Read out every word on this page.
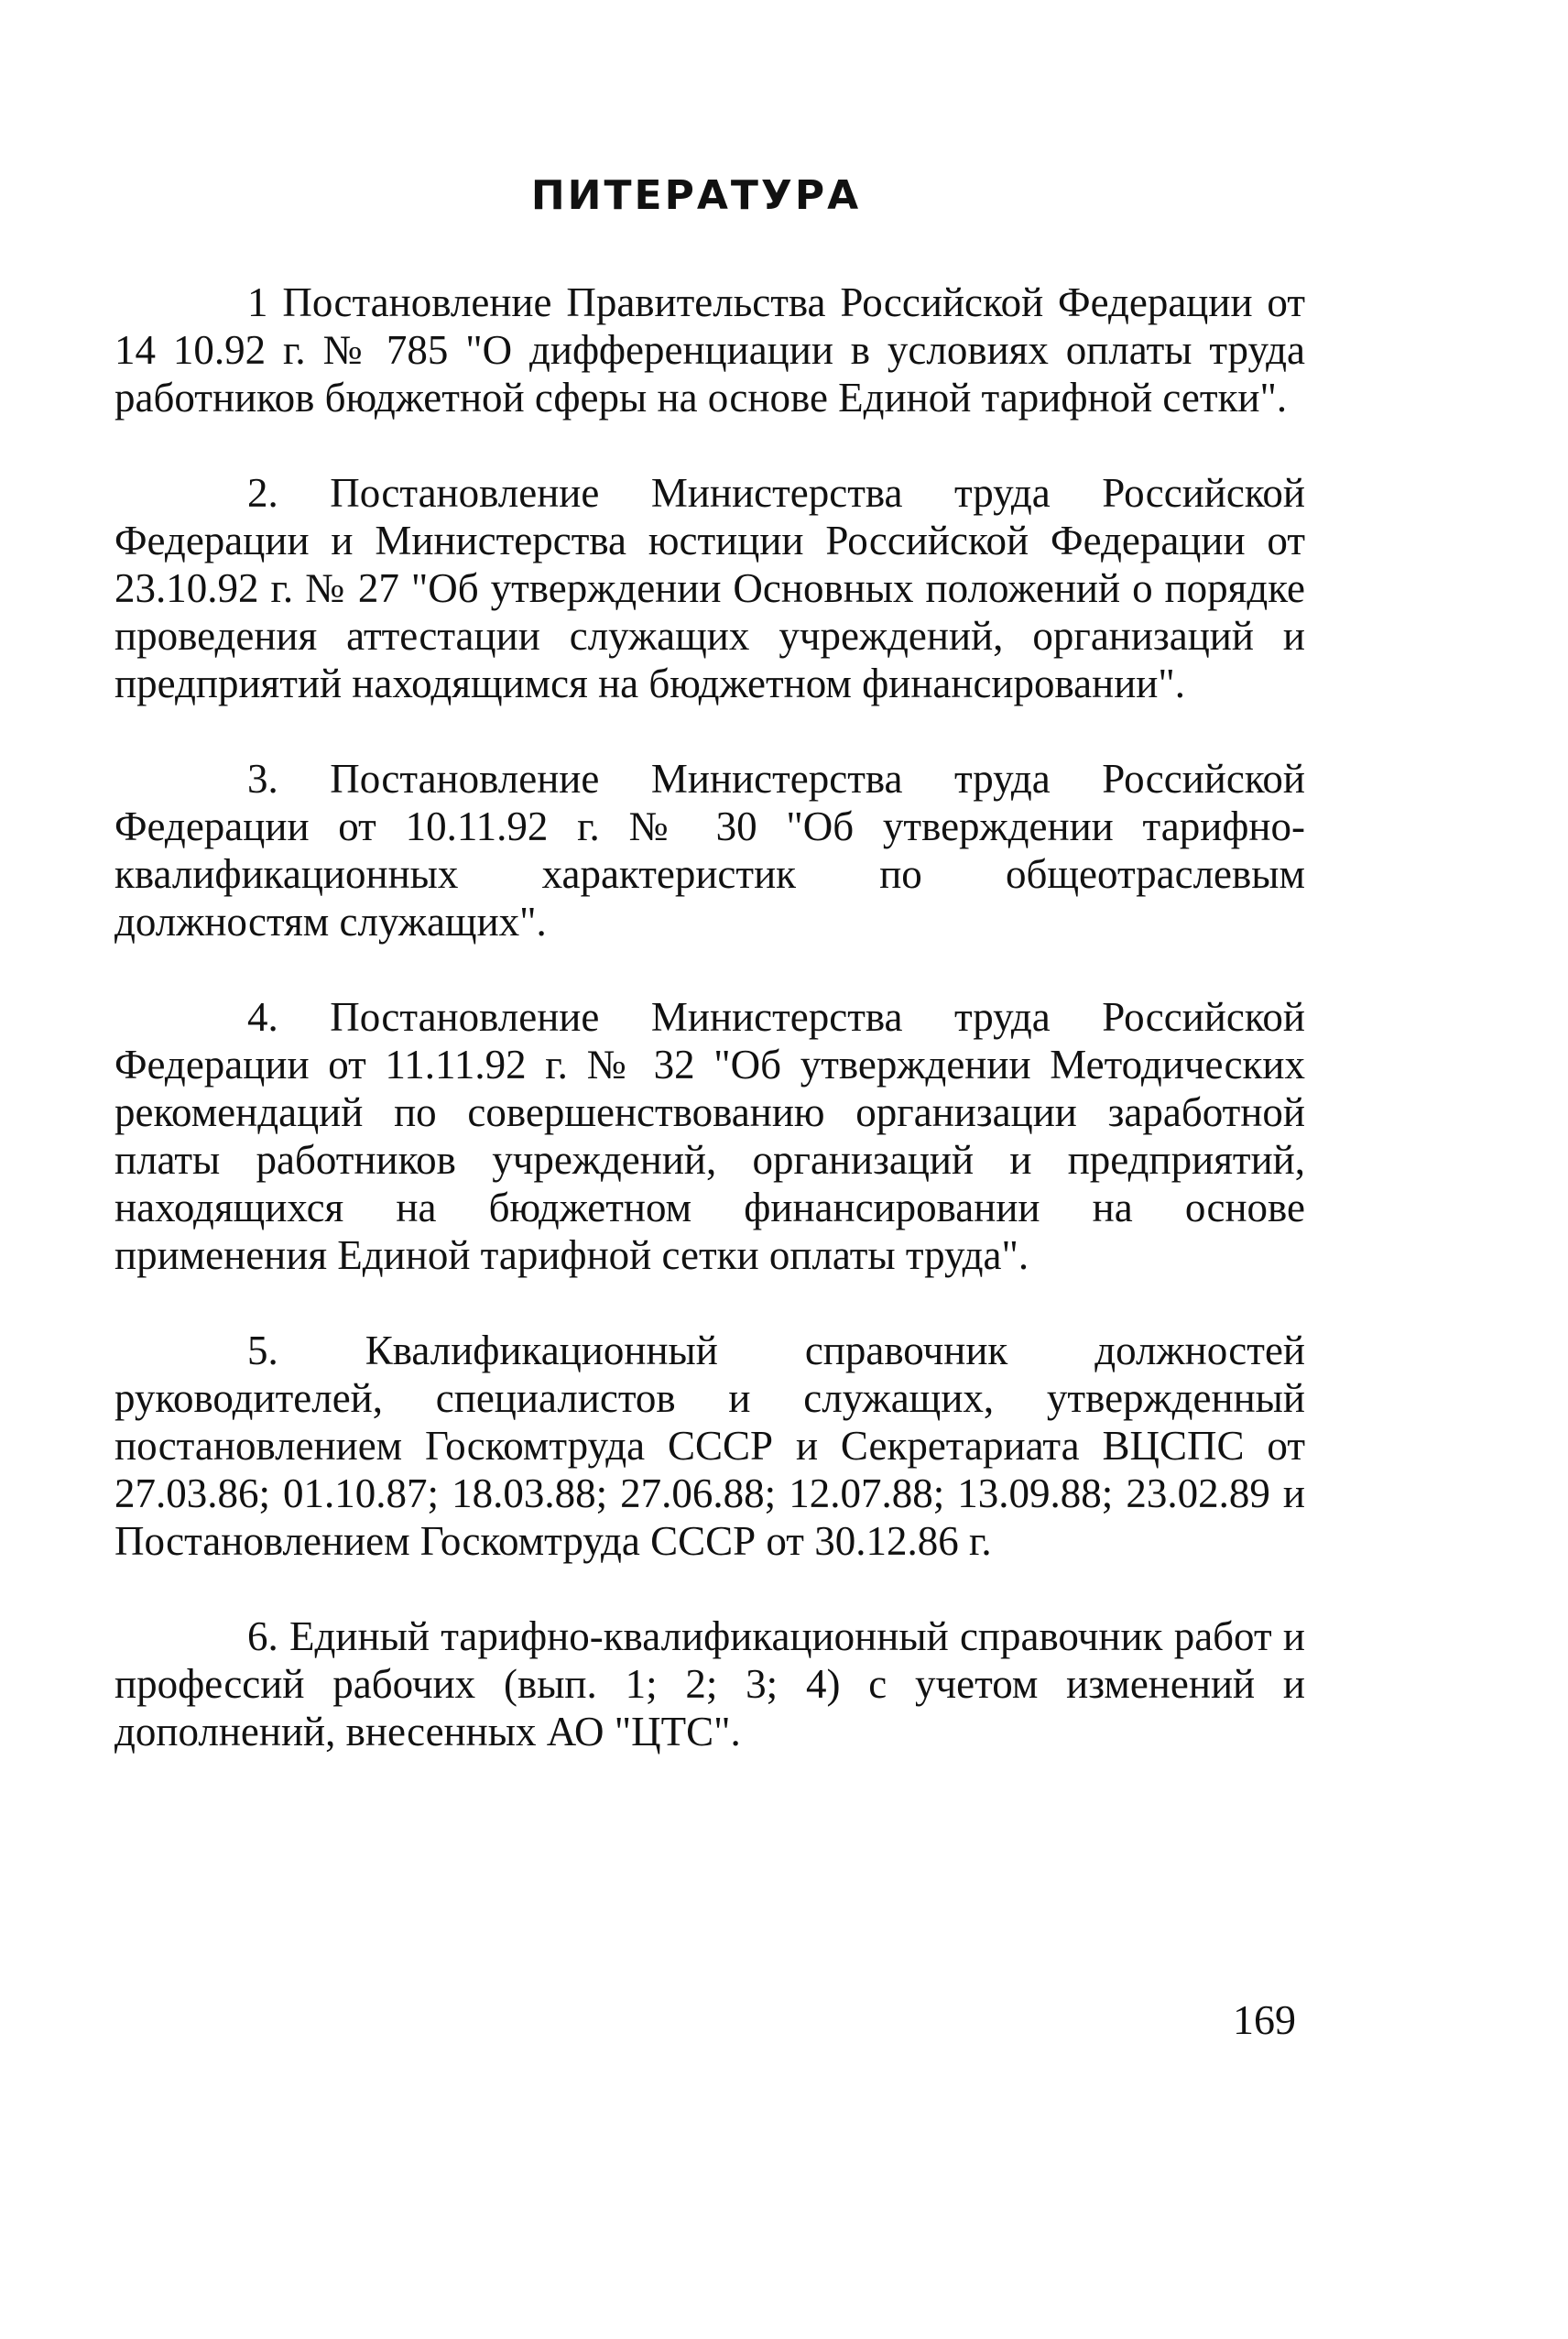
ПИТЕРАТУРА
1 Постановление Правительства Российской Федерации от 14 10.92 г. № 785 "О дифференциации в условиях оплаты труда работников бюджетной сферы на основе Единой тарифной сетки".
2. Постановление Министерства труда Российской Федерации и Министерства юстиции Российской Федерации от 23.10.92 г. № 27 "Об утверждении Основных положений о порядке проведения аттестации служащих учреждений, организаций и предприятий находящимся на бюджетном финансировании".
3. Постановление Министерства труда Российской Федерации от 10.11.92 г. № 30 "Об утверждении тарифно-квалификационных характеристик по общеотраслевым должностям служащих".
4. Постановление Министерства труда Российской Федерации от 11.11.92 г. № 32 "Об утверждении Методических рекомендаций по совершенствованию организации заработной платы работников учреждений, организаций и предприятий, находящихся на бюджетном финансировании на основе применения Единой тарифной сетки оплаты труда".
5. Квалификационный справочник должностей руководителей, специалистов и служащих, утвержденный постановлением Госкомтруда СССР и Секретариата ВЦСПС от 27.03.86; 01.10.87; 18.03.88; 27.06.88; 12.07.88; 13.09.88; 23.02.89 и Постановлением Госкомтруда СССР от 30.12.86 г.
6. Единый тарифно-квалификационный справочник работ и профессий рабочих (вып. 1; 2; 3; 4) с учетом изменений и дополнений, внесенных АО "ЦТС".

169
